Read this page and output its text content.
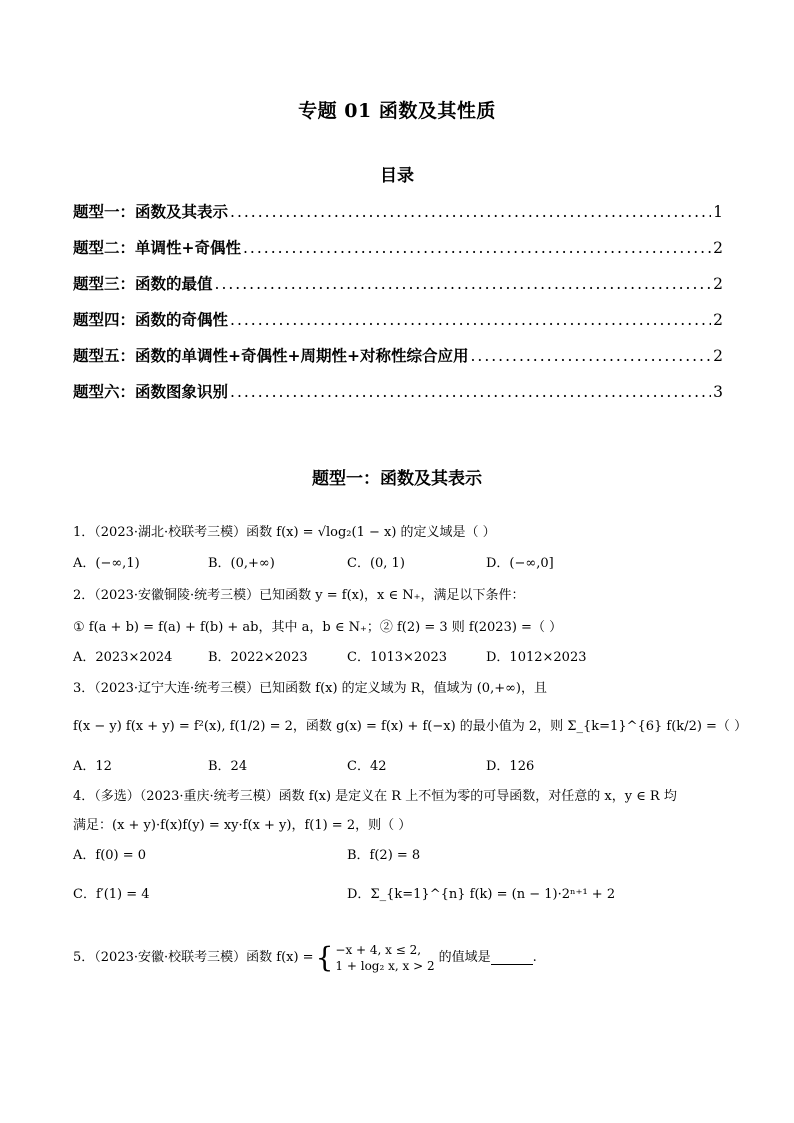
专题 01 函数及其性质
目录
题型一：函数及其表示 .....	1
题型二：单调性+奇偶性 .....	2
题型三：函数的最值 .....	2
题型四：函数的奇偶性 .....	2
题型五：函数的单调性+奇偶性+周期性+对称性综合应用 .....	2
题型六：函数图象识别 .....	3
题型一：函数及其表示
1．（2023·湖北·校联考三模）函数 f(x) = √log₂(1 − x) 的定义域是（ ）
A．(−∞,1)	B．(0,+∞)	C．(0, 1)	D．(−∞,0]
2．（2023·安徽铜陵·统考三模）已知函数 y = f(x)，x ∈ N₊，满足以下条件：
① f(a + b) = f(a) + f(b) + ab，其中 a，b ∈ N₊；② f(2) = 3 则 f(2023) =（ ）
A．2023×2024	B．2022×2023	C．1013×2023	D．1012×2023
3．（2023·辽宁大连·统考三模）已知函数 f(x) 的定义域为 R，值域为 (0,+∞)，且
f(x − y) f(x + y) = f²(x), f(1/2) = 2，函数 g(x) = f(x) + f(−x) 的最小值为 2，则 Σ_{k=1}^{6} f(k/2) =（ ）
A．12	B．24	C．42	D．126
4．（多选）（2023·重庆·统考三模）函数 f(x) 是定义在 R 上不恒为零的可导函数，对任意的 x，y ∈ R 均
满足：(x + y)·f(x)f(y) = xy·f(x + y)，f(1) = 2，则（ ）
A．f(0) = 0	B．f(2) = 8
C．f′(1) = 4	D．Σ_{k=1}^{n} f(k) = (n − 1)·2ⁿ⁺¹ + 2
5．（2023·安徽·校联考三模）函数 f(x) = { −x + 4, x ≤ 2,
1 + log₂ x, x > 2
的值域是	.
